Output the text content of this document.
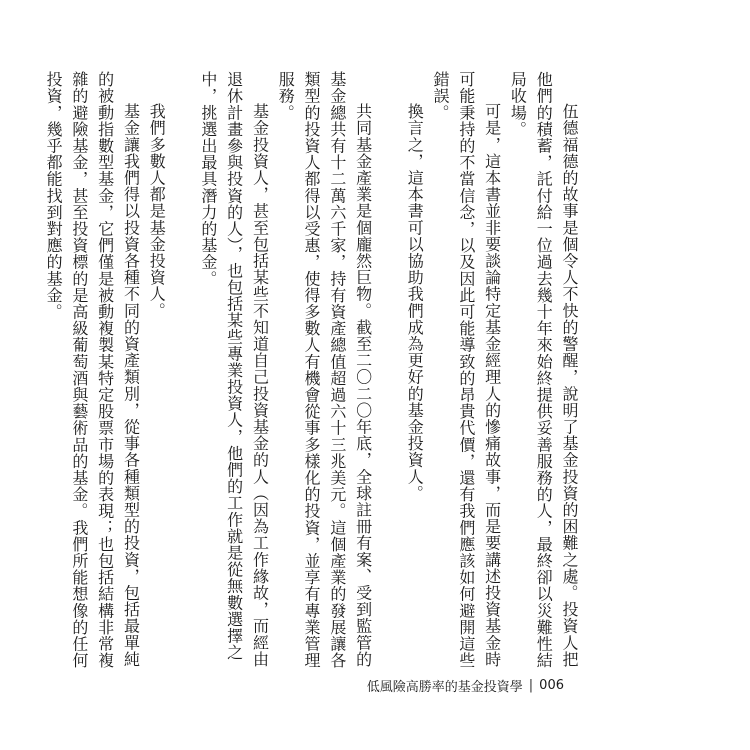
伍德福德的故事是個令人不快的警醒，說明了基金投資的困難之處。投資人把他們的積蓄，託付給一位過去幾十年來始終提供妥善服務的人，最終卻以災難性結局收場。

可是，這本書並非要談論特定基金經理人的慘痛故事，而是要講述投資基金時可能秉持的不當信念，以及因此可能導致的昂貴代價，還有我們應該如何避開這些錯誤。

換言之，這本書可以協助我們成為更好的基金投資人。

共同基金產業是個龐然巨物。截至二〇二〇年底，全球註冊有案、受到監管的基金總共有十二萬六千家，持有資產總值超過六十三兆美元。這個產業的發展讓各類型的投資人都得以受惠，使得多數人有機會從事多樣化的投資，並享有專業管理服務。

基金投資人，甚至包括某些不知道自己投資基金的人（因為工作緣故，而經由退休計畫參與投資的人），也包括某些專業投資人，他們的工作就是從無數選擇之中，挑選出最具潛力的基金。

我們多數人都是基金投資人。

基金讓我們得以投資各種不同的資產類別，從事各種類型的投資，包括最單純的被動指數型基金，它們僅是被動複製某特定股票市場的表現；也包括結構非常複雜的避險基金，甚至投資標的是高級葡萄酒與藝術品的基金。我們所能想像的任何投資，幾乎都能找到對應的基金。

低風險高勝率的基金投資學 | 006
